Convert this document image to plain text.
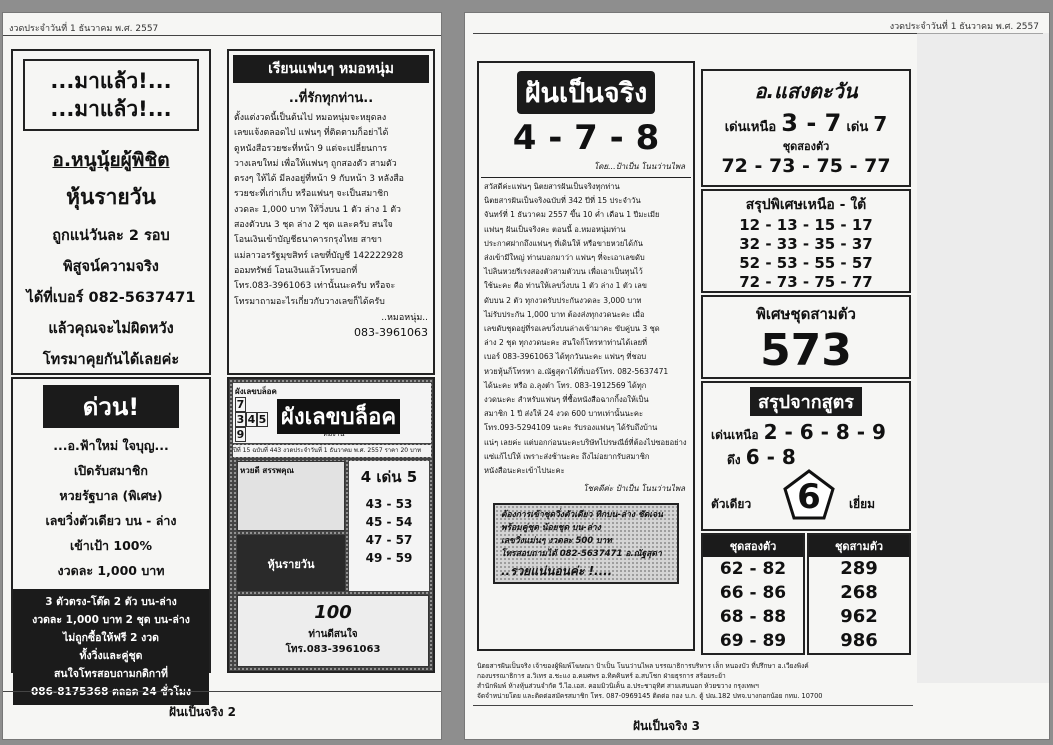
งวดประจำวันที่ 1 ธันวาคม พ.ศ. 2557
...มาแล้ว!...
...มาแล้ว!...
อ.หนูนุ้ยผู้พิชิต
หุ้นรายวัน
ถูกแน่วันละ 2 รอบ
พิสูจน์ความจริง
ได้ที่เบอร์ 082-5637471
แล้วคุณจะไม่ผิดหวัง
โทรมาคุยกันได้เลยค่ะ
เรียนแฟนๆ หมอหนุ่ม
..ที่รักทุกท่าน..
ตั้งแต่งวดนี้เป็นต้นไป หมอหนุ่มจะหยุดลง
เลขแจ้งตลอดไป แฟนๆ ที่ติดตามก็อย่าได้
ดูหนังสือรวยชะที่หน้า 9 แต่จะเปลี่ยนการ
วางเลขใหม่ เพื่อให้แฟนๆ ถูกสองตัว สามตัว
ตรงๆ ให้ได้ มีลงอยู่ที่หน้า 9 กับหน้า 3 หลังสือ
รวยชะที่เก่าเก็บ หรือแฟนๆ จะเป็นสมาชิก
งวดละ 1,000 บาท ให้วิ่งบน 1 ตัว ล่าง 1 ตัว
สองตัวบน 3 ชุด ล่าง 2 ชุด และครับ สนใจ
โอนเงินเข้าบัญชีธนาคารกรุงไทย สาขา
แม่ลาวอรรัฐมุขสิทร์ เลขที่บัญชี 142222928
ออมทรัพย์ โอนเงินแล้วโทรบอกที่
โทร.083-3961063 เท่านั้นนะครับ หรือจะ
โทรมาถามอะไรเกี่ยวกับวางเลขก็ได้ครับ
..หมอหนุ่ม..
083-3961063
ด่วน!
...อ.ฟ้าใหม่ ใจบุญ...
เปิดรับสมาชิก
หวยรัฐบาล (พิเศษ)
เลขวิ่งตัวเดียว บน - ล่าง
เข้าเป้า 100%
งวดละ 1,000 บาท
3 ตัวตรง-โต๊ด 2 ตัว บน-ล่าง
งวดละ 1,000 บาท 2 ชุด บน-ล่าง
ไม่ถูกซื้อให้ฟรี 2 งวด
ทั้งวิ่งและคู่ชุด
สนใจโทรสอบถามกดิกาที่
086-8175368 ตลอด 24 ชั่วโมง
ผังเลขบล็อค
7
3 4 5
9
ผังเลขบล็อค
ทีมงาน
ปีที่ 15 ฉบับที่ 443 งวดประจำวันที่ 1 ธันวาคม พ.ศ. 2557 ราคา 20 บาท
หวยดี สรรพคุณ	4 เด่น 5
43 - 53
45 - 54
47 - 57
49 - 59
หุ้นรายวัน
100
ท่านดีสนใจ
โทร.083-3961063
ฝันเป็นจริง 2
งวดประจำวันที่ 1 ธันวาคม พ.ศ. 2557
ฝันเป็นจริง
4 - 7 - 8
โดย...ป้าเป็น โนนว่านไพล
สวัสดีค่ะแฟนๆ นิตยสารฝันเป็นจริงทุกท่าน
นิตยสารฝันเป็นจริงฉบับที่ 342 ปีที่ 15 ประจำวัน
จันทร์ที่ 1 ธันวาคม 2557 ขึ้น 10 ค่ำ เดือน 1 ปีมะเมีย
แฟนๆ ฝันเป็นจริงคะ ตอนนี้ อ.หมอหนุ่มท่าน
ประกาศฝากถึงแฟนๆ ที่เดินให้ หรือขายหวยได้กัน
ส่งเข้ามีใหญ่ ท่านบอกมาว่า แฟนๆ ที่จะเอาเลขดับ
ไปลินหวยรีเรงสองตัวสามตัวบน เพื่อเอาเป็นทุนไว้
ใช้นะคะ คือ ท่านให้เลขวิ่งบน 1 ตัว ล่าง 1 ตัว เลข
ดับบน 2 ตัว ทุกงวดรับประกันงวดละ 3,000 บาท
ไม่รับประกัน 1,000 บาท ต้องส่งทุกงวดนะคะ เมื่อ
เลขดับชุดอยู่ที่รอเลขวิ่งบนล่างเข้ามาคะ ขับคู่บน 3 ชุด
ล่าง 2 ชุด ทุกงวดนะคะ สนใจก็โทรหาท่านได้เลยที่
เบอร์ 083-3961063 ได้ทุกวันนะคะ แฟนๆ ที่ชอบ
หวยหุ้นก็โทรหา อ.ณัฐสุดาได้ที่เบอร์โทร. 082-5637471
ได้นะคะ หรือ อ.ลุงต๋า โทร. 083-1912569 ได้ทุก
งวดนะคะ สำหรับแฟนๆ ที่ซื้อหนังสือฉากกิ้งอให้เป็น
สมาชิก 1 ปี ส่งให้ 24 งวด 600 บาทเท่านั้นนะคะ
โทร.093-5294109 นะคะ รับรองแฟนๆ ได้รับถึงบ้าน
แน่ๆ เลยค่ะ แต่บอกก่อนนะคะบริษัทไปรษณีย์ที่ต้องไปซอยอย่าง
แซ่แก้ไปให้ เพราะส่งช้านะคะ ถึงไม่อยากรับสมาชิก
หนังสือนะคะเข้าไปนะคะ
โชคดีค่ะ ป้าเป็น โนนว่านไพล
ต้องการเข้าชุดวิ่งตัวเดียว ทิกบน-ล่าง ชัดเจน
พร้อมคู่ชุด น้อยชุด บน-ล่าง
เลขวิ่งแม่นๆ งวดละ 500 บาท
โทรสอบถามได้ 082-5637471 อ.ณัฐสุดา
..รวยแน่นอนค่ะ !....
อ.แสงตะวัน
เด่นเหนือ 3 - 7 เด่น 7
ชุดสองตัว
72 - 73 - 75 - 77
สรุปพิเศษเหนือ - ใต้
12 - 13 - 15 - 17
32 - 33 - 35 - 37
52 - 53 - 55 - 57
72 - 73 - 75 - 77
พิเศษชุดสามตัว
573
สรุปจากสูตร
เด่นเหนือ 2 - 6 - 8 - 9
ดึง 6 - 8
ตัวเดียว	6	เยี่ยม
ชุดสองตัว
62 - 82
66 - 86
68 - 88
69 - 89
ชุดสามตัว
289
268
962
986
นิตยสารฝันเป็นจริง เจ้าของผู้พิมพ์โฆษณา ป้าเป็น โนนว่านไพล บรรณาธิการบริหาร เล็ก หนองบัว ที่ปรึกษา อ.เวียงพิงค์
กองบรรณาธิการ อ.วิเทร อ.ชะแง อ.คมศพร อ.ทิคคินทร์ อ.สบโชก ฝ่ายธุรการ สร้อยระย้า
สำนักพิมพ์ ห้างหุ้นส่วนจำกัด วี.ไอ.เอส. คอมมิวนิเค็น อ.ประชาอุทิศ สามเสนนอก ห้วยขวาง กรุงเทพฯ
จัดจำหน่ายโดย และติดต่อสมัครสมาชิก โทร. 087-0969145 ติดต่อ กอง บ.ก. ตู้ ปณ.182 ปทจ.บางกอกน้อย กทม. 10700
ฝันเป็นจริง 3
